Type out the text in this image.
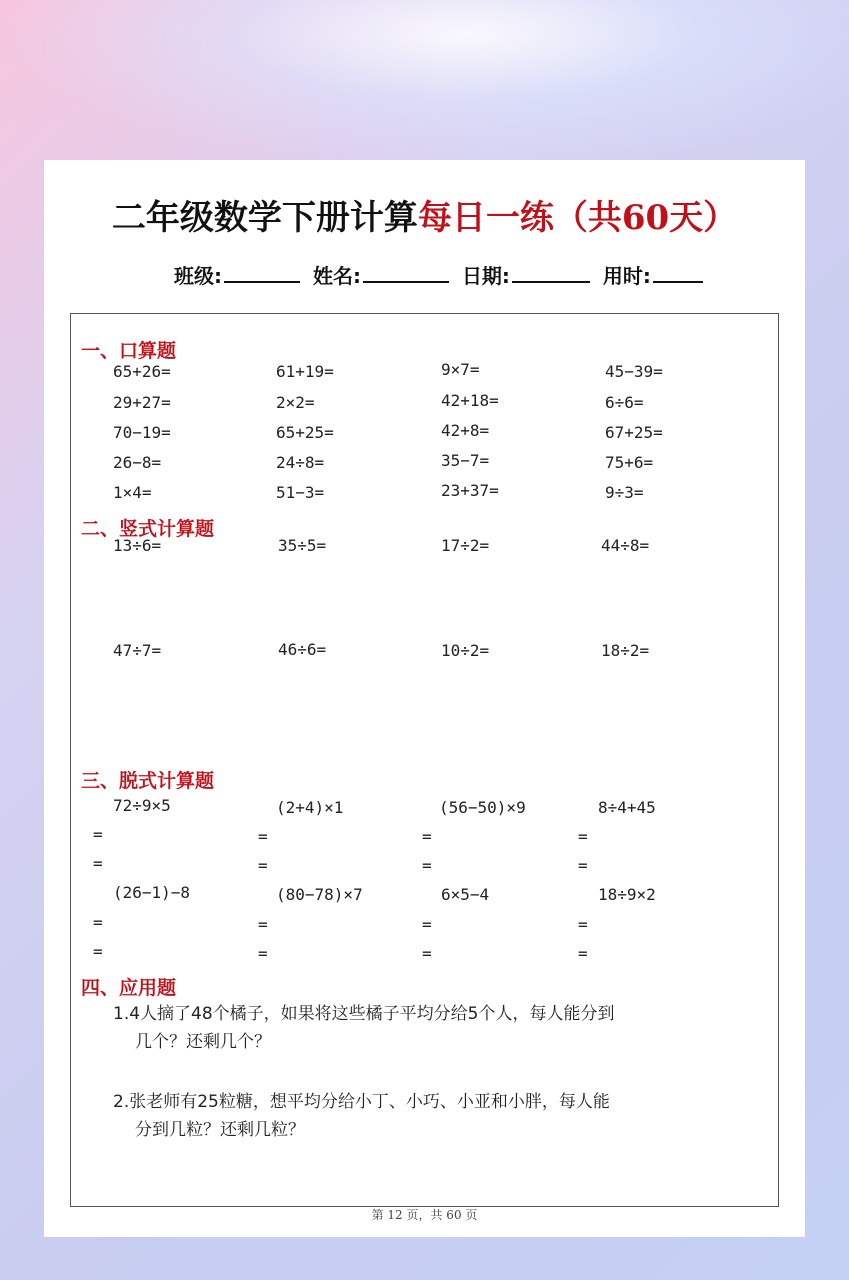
二年级数学下册计算每日一练（共60天）
班级:	姓名:	日期:	用时:
一、口算题
65+26=	61+19=	9×7=	45−39=
29+27=	2×2=	42+18=	6÷6=
70−19=	65+25=	42+8=	67+25=
26−8=	24÷8=	35−7=	75+6=
1×4=	51−3=	23+37=	9÷3=
二、竖式计算题
13÷6=	35÷5=	17÷2=	44÷8=
47÷7=	46÷6=	10÷2=	18÷2=
三、脱式计算题
72÷9×5	(2+4)×1	(56−50)×9	8÷4+45
=	=	=	=
=	=	=	=
(26−1)−8	(80−78)×7	6×5−4	18÷9×2
=	=	=	=
=	=	=	=
四、应用题
1.4人摘了48个橘子，如果将这些橘子平均分给5个人，每人能分到
几个？还剩几个？
2.张老师有25粒糖，想平均分给小丁、小巧、小亚和小胖，每人能
分到几粒？还剩几粒？
第 12 页，共 60 页
